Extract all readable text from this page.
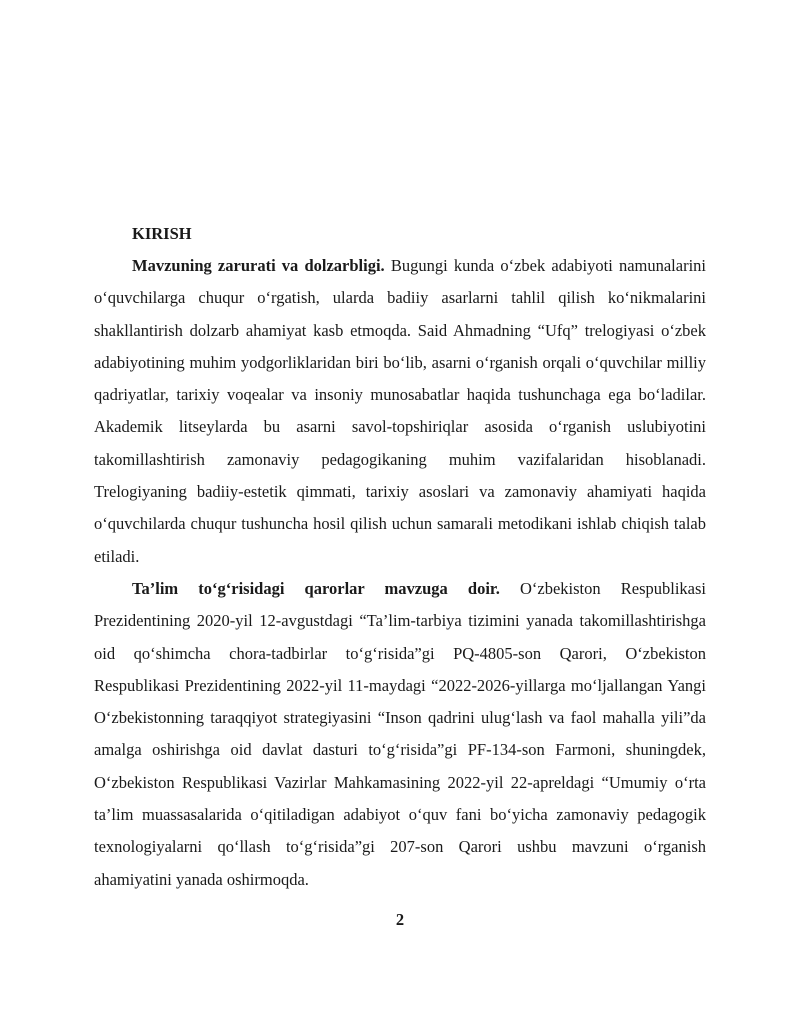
KIRISH

Mavzuning zarurati va dolzarbligi. Bugungi kunda o‘zbek adabiyoti namunalarini o‘quvchilarga chuqur o‘rgatish, ularda badiiy asarlarni tahlil qilish ko‘nikmalarini shakllantirish dolzarb ahamiyat kasb etmoqda. Said Ahmadning “Ufq” trelogiyasi o‘zbek adabiyotining muhim yodgorliklaridan biri bo‘lib, asarni o‘rganish orqali o‘quvchilar milliy qadriyatlar, tarixiy voqealar va insoniy munosabatlar haqida tushunchaga ega bo‘ladilar. Akademik litseylarda bu asarni savol-topshiriqlar asosida o‘rganish uslubiyotini takomillashtirish zamonaviy pedagogikaning muhim vazifalaridan hisoblanadi. Trelogiyaning badiiy-estetik qimmati, tarixiy asoslari va zamonaviy ahamiyati haqida o‘quvchilarda chuqur tushuncha hosil qilish uchun samarali metodikani ishlab chiqish talab etiladi.

Ta’lim to‘g‘risidagi qarorlar mavzuga doir. O‘zbekiston Respublikasi Prezidentining 2020-yil 12-avgustdagi “Ta’lim-tarbiya tizimini yanada takomillashtirishga oid qo‘shimcha chora-tadbirlar to‘g‘risida”gi PQ-4805-son Qarori, O‘zbekiston Respublikasi Prezidentining 2022-yil 11-maydagi “2022-2026-yillarga mo‘ljallangan Yangi O‘zbekistonning taraqqiyot strategiyasini “Inson qadrini ulug‘lash va faol mahalla yili”da amalga oshirishga oid davlat dasturi to‘g‘risida”gi PF-134-son Farmoni, shuningdek, O‘zbekiston Respublikasi Vazirlar Mahkamasining 2022-yil 22-apreldagi “Umumiy o‘rta ta’lim muassasalarida o‘qitiladigan adabiyot o‘quv fani bo‘yicha zamonaviy pedagogik texnologiyalarni qo‘llash to‘g‘risida”gi 207-son Qarori ushbu mavzuni o‘rganish ahamiyatini yanada oshirmoqda.

2
